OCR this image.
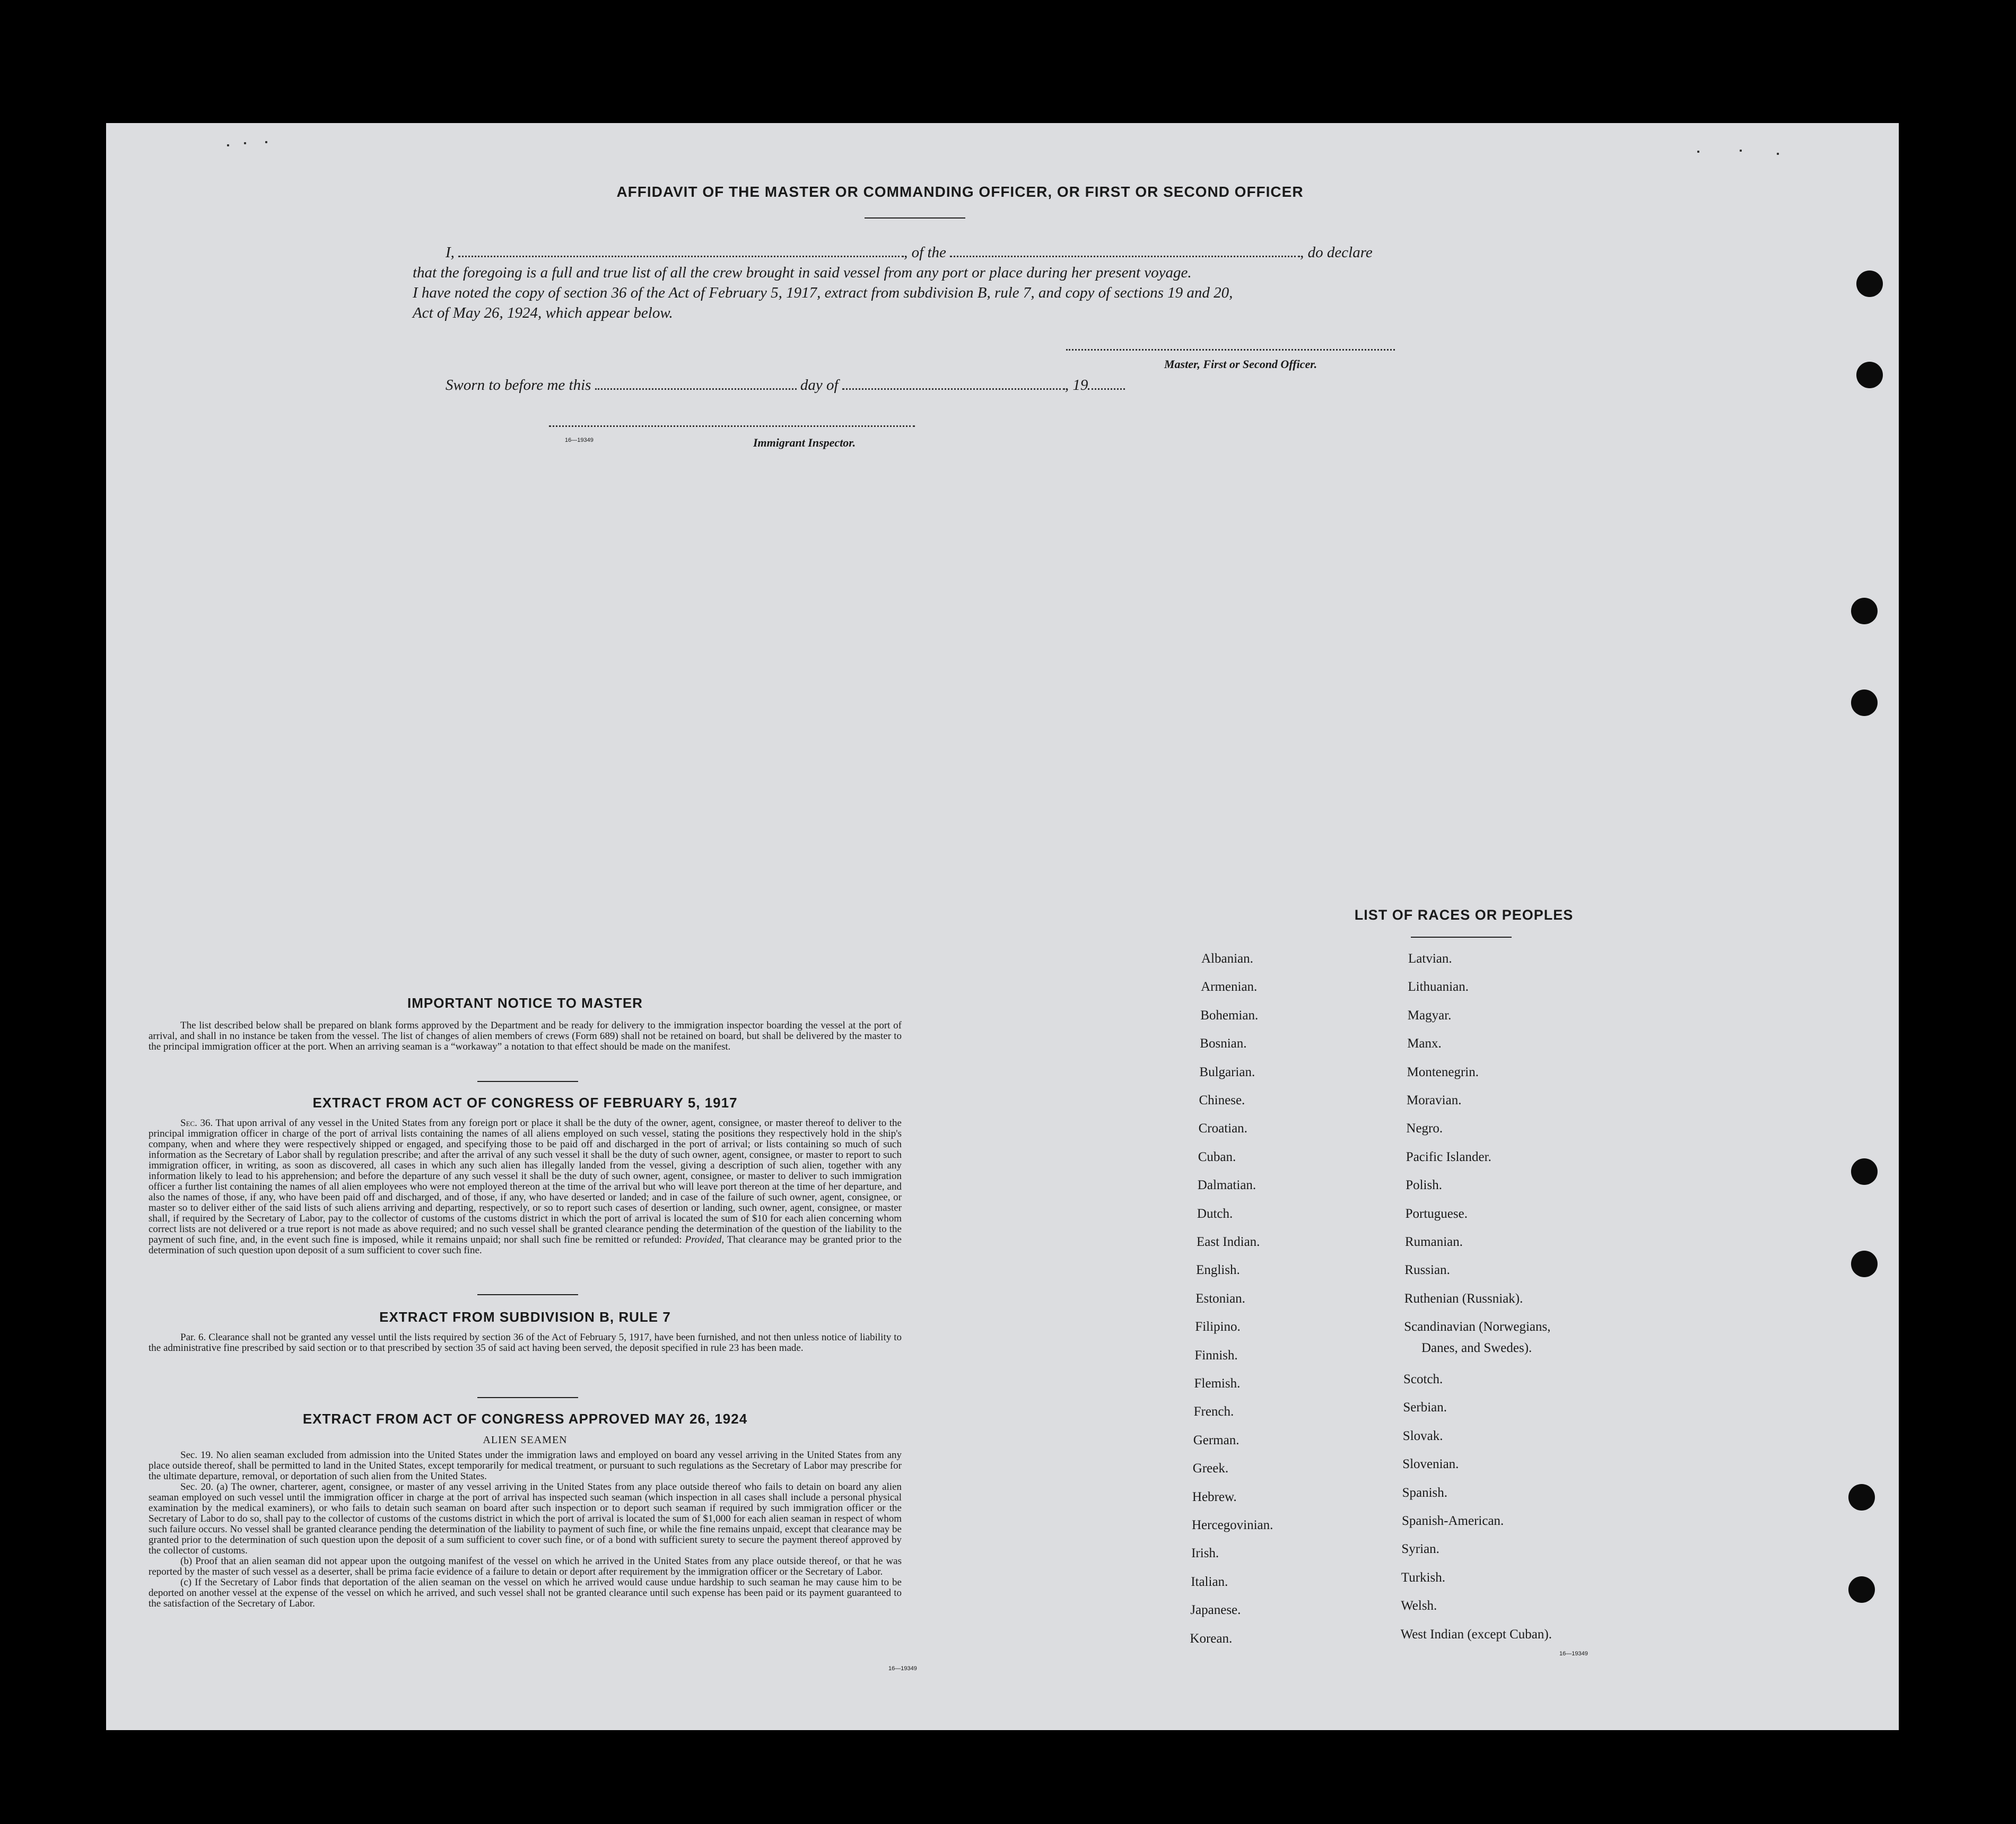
AFFIDAVIT OF THE MASTER OR COMMANDING OFFICER, OR FIRST OR SECOND OFFICER
I,	, of the	, do declare
that the foregoing is a full and true list of all the crew brought in said vessel from any port or place during her present voyage.
I have noted the copy of section 36 of the Act of February 5, 1917, extract from subdivision B, rule 7, and copy of sections 19 and 20,
Act of May 26, 1924, which appear below.
Master, First or Second Officer.
Sworn to before me this	day of	, 19
16—19349	Immigrant Inspector.
IMPORTANT NOTICE TO MASTER
The list described below shall be prepared on blank forms approved by the Department and be ready for delivery to the immigration inspector boarding the vessel at the port of arrival, and shall in no instance be taken from the vessel. The list of changes of alien members of crews (Form 689) shall not be retained on board, but shall be delivered by the master to the principal immigration officer at the port. When an arriving seaman is a “workaway” a notation to that effect should be made on the manifest.
EXTRACT FROM ACT OF CONGRESS OF FEBRUARY 5, 1917
Sec. 36. That upon arrival of any vessel in the United States from any foreign port or place it shall be the duty of the owner, agent, consignee, or master thereof to deliver to the principal immigration officer in charge of the port of arrival lists containing the names of all aliens employed on such vessel, stating the positions they respectively hold in the ship's company, when and where they were respectively shipped or engaged, and specifying those to be paid off and discharged in the port of arrival; or lists containing so much of such information as the Secretary of Labor shall by regulation prescribe; and after the arrival of any such vessel it shall be the duty of such owner, agent, consignee, or master to report to such immigration officer, in writing, as soon as discovered, all cases in which any such alien has illegally landed from the vessel, giving a description of such alien, together with any information likely to lead to his apprehension; and before the departure of any such vessel it shall be the duty of such owner, agent, consignee, or master to deliver to such immigration officer a further list containing the names of all alien employees who were not employed thereon at the time of the arrival but who will leave port thereon at the time of her departure, and also the names of those, if any, who have been paid off and discharged, and of those, if any, who have deserted or landed; and in case of the failure of such owner, agent, consignee, or master so to deliver either of the said lists of such aliens arriving and departing, respectively, or so to report such cases of desertion or landing, such owner, agent, consignee, or master shall, if required by the Secretary of Labor, pay to the collector of customs of the customs district in which the port of arrival is located the sum of $10 for each alien concerning whom correct lists are not delivered or a true report is not made as above required; and no such vessel shall be granted clearance pending the determination of the question of the liability to the payment of such fine, and, in the event such fine is imposed, while it remains unpaid; nor shall such fine be remitted or refunded: Provided, That clearance may be granted prior to the determination of such question upon deposit of a sum sufficient to cover such fine.
EXTRACT FROM SUBDIVISION B, RULE 7
Par. 6. Clearance shall not be granted any vessel until the lists required by section 36 of the Act of February 5, 1917, have been furnished, and not then unless notice of liability to the administrative fine prescribed by said section or to that prescribed by section 35 of said act having been served, the deposit specified in rule 23 has been made.
EXTRACT FROM ACT OF CONGRESS APPROVED MAY 26, 1924
ALIEN SEAMEN
Sec. 19. No alien seaman excluded from admission into the United States under the immigration laws and employed on board any vessel arriving in the United States from any place outside thereof, shall be permitted to land in the United States, except temporarily for medical treatment, or pursuant to such regulations as the Secretary of Labor may prescribe for the ultimate departure, removal, or deportation of such alien from the United States.
Sec. 20. (a) The owner, charterer, agent, consignee, or master of any vessel arriving in the United States from any place outside thereof who fails to detain on board any alien seaman employed on such vessel until the immigration officer in charge at the port of arrival has inspected such seaman (which inspection in all cases shall include a personal physical examination by the medical examiners), or who fails to detain such seaman on board after such inspection or to deport such seaman if required by such immigration officer or the Secretary of Labor to do so, shall pay to the collector of customs of the customs district in which the port of arrival is located the sum of $1,000 for each alien seaman in respect of whom such failure occurs. No vessel shall be granted clearance pending the determination of the liability to payment of such fine, or while the fine remains unpaid, except that clearance may be granted prior to the determination of such question upon the deposit of a sum sufficient to cover such fine, or of a bond with sufficient surety to secure the payment thereof approved by the collector of customs.
(b) Proof that an alien seaman did not appear upon the outgoing manifest of the vessel on which he arrived in the United States from any place outside thereof, or that he was reported by the master of such vessel as a deserter, shall be prima facie evidence of a failure to detain or deport after requirement by the immigration officer or the Secretary of Labor.
(c) If the Secretary of Labor finds that deportation of the alien seaman on the vessel on which he arrived would cause undue hardship to such seaman he may cause him to be deported on another vessel at the expense of the vessel on which he arrived, and such vessel shall not be granted clearance until such expense has been paid or its payment guaranteed to the satisfaction of the Secretary of Labor.
16—19349
LIST OF RACES OR PEOPLES
Danes, and Swedes).
16—19349
Albanian.
Armenian.
Bohemian.
Bosnian.
Bulgarian.
Chinese.
Croatian.
Cuban.
Dalmatian.
Dutch.
East Indian.
English.
Estonian.
Filipino.
Finnish.
Flemish.
French.
German.
Greek.
Hebrew.
Hercegovinian.
Irish.
Italian.
Japanese.
Korean.
Latvian.
Lithuanian.
Magyar.
Manx.
Montenegrin.
Moravian.
Negro.
Pacific Islander.
Polish.
Portuguese.
Rumanian.
Russian.
Ruthenian (Russniak).
Scandinavian (Norwegians,
Scotch.
Serbian.
Slovak.
Slovenian.
Spanish.
Spanish-American.
Syrian.
Turkish.
Welsh.
West Indian (except Cuban).
